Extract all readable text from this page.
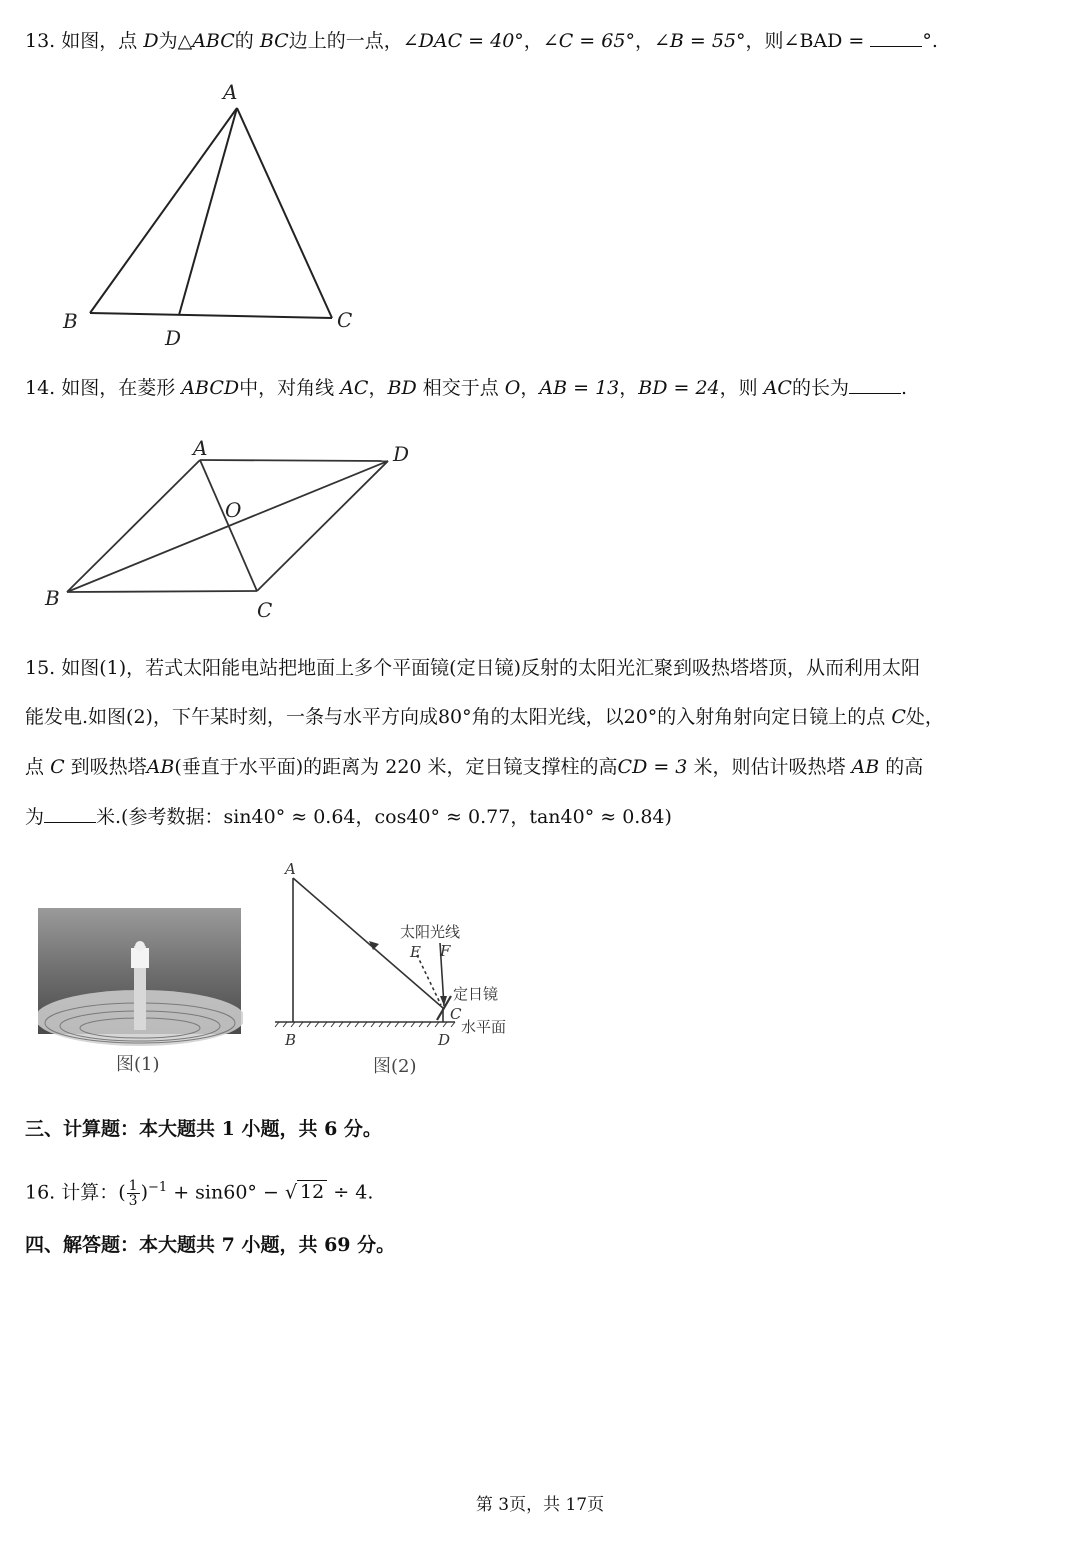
13. 如图，点 D为△ABC的 BC边上的一点，∠DAC = 40°，∠C = 65°，∠B = 55°，则∠BAD =	°.
A
B	C
D
14. 如图，在菱形 ABCD中，对角线 AC，BD 相交于点 O，AB = 13，BD = 24，则 AC的长为	.
A	D
O
B	C
15. 如图(1)，若式太阳能电站把地面上多个平面镜(定日镜)反射的太阳光汇聚到吸热塔塔顶，从而利用太阳
能发电.如图(2)，下午某时刻，一条与水平方向成80°角的太阳光线，以20°的入射角射向定日镜上的点 C处，
点 C 到吸热塔AB(垂直于水平面)的距离为 220 米，定日镜支撑柱的高CD = 3 米，则估计吸热塔 AB 的高
为	米.(参考数据：sin40° ≈ 0.64，cos40° ≈ 0.77，tan40° ≈ 0.84)
图(1)
A
B
C
D
E F
太阳光线
定日镜
水平面
图(2)
三、计算题：本大题共 1 小题，共 6 分。
16. 计算：( $\frac{1}{3} )^{-1} + \sin 60^\circ$ − √ 12 ÷ 4.
四、解答题：本大题共 7 小题，共 69 分。
第 3页，共 17页
